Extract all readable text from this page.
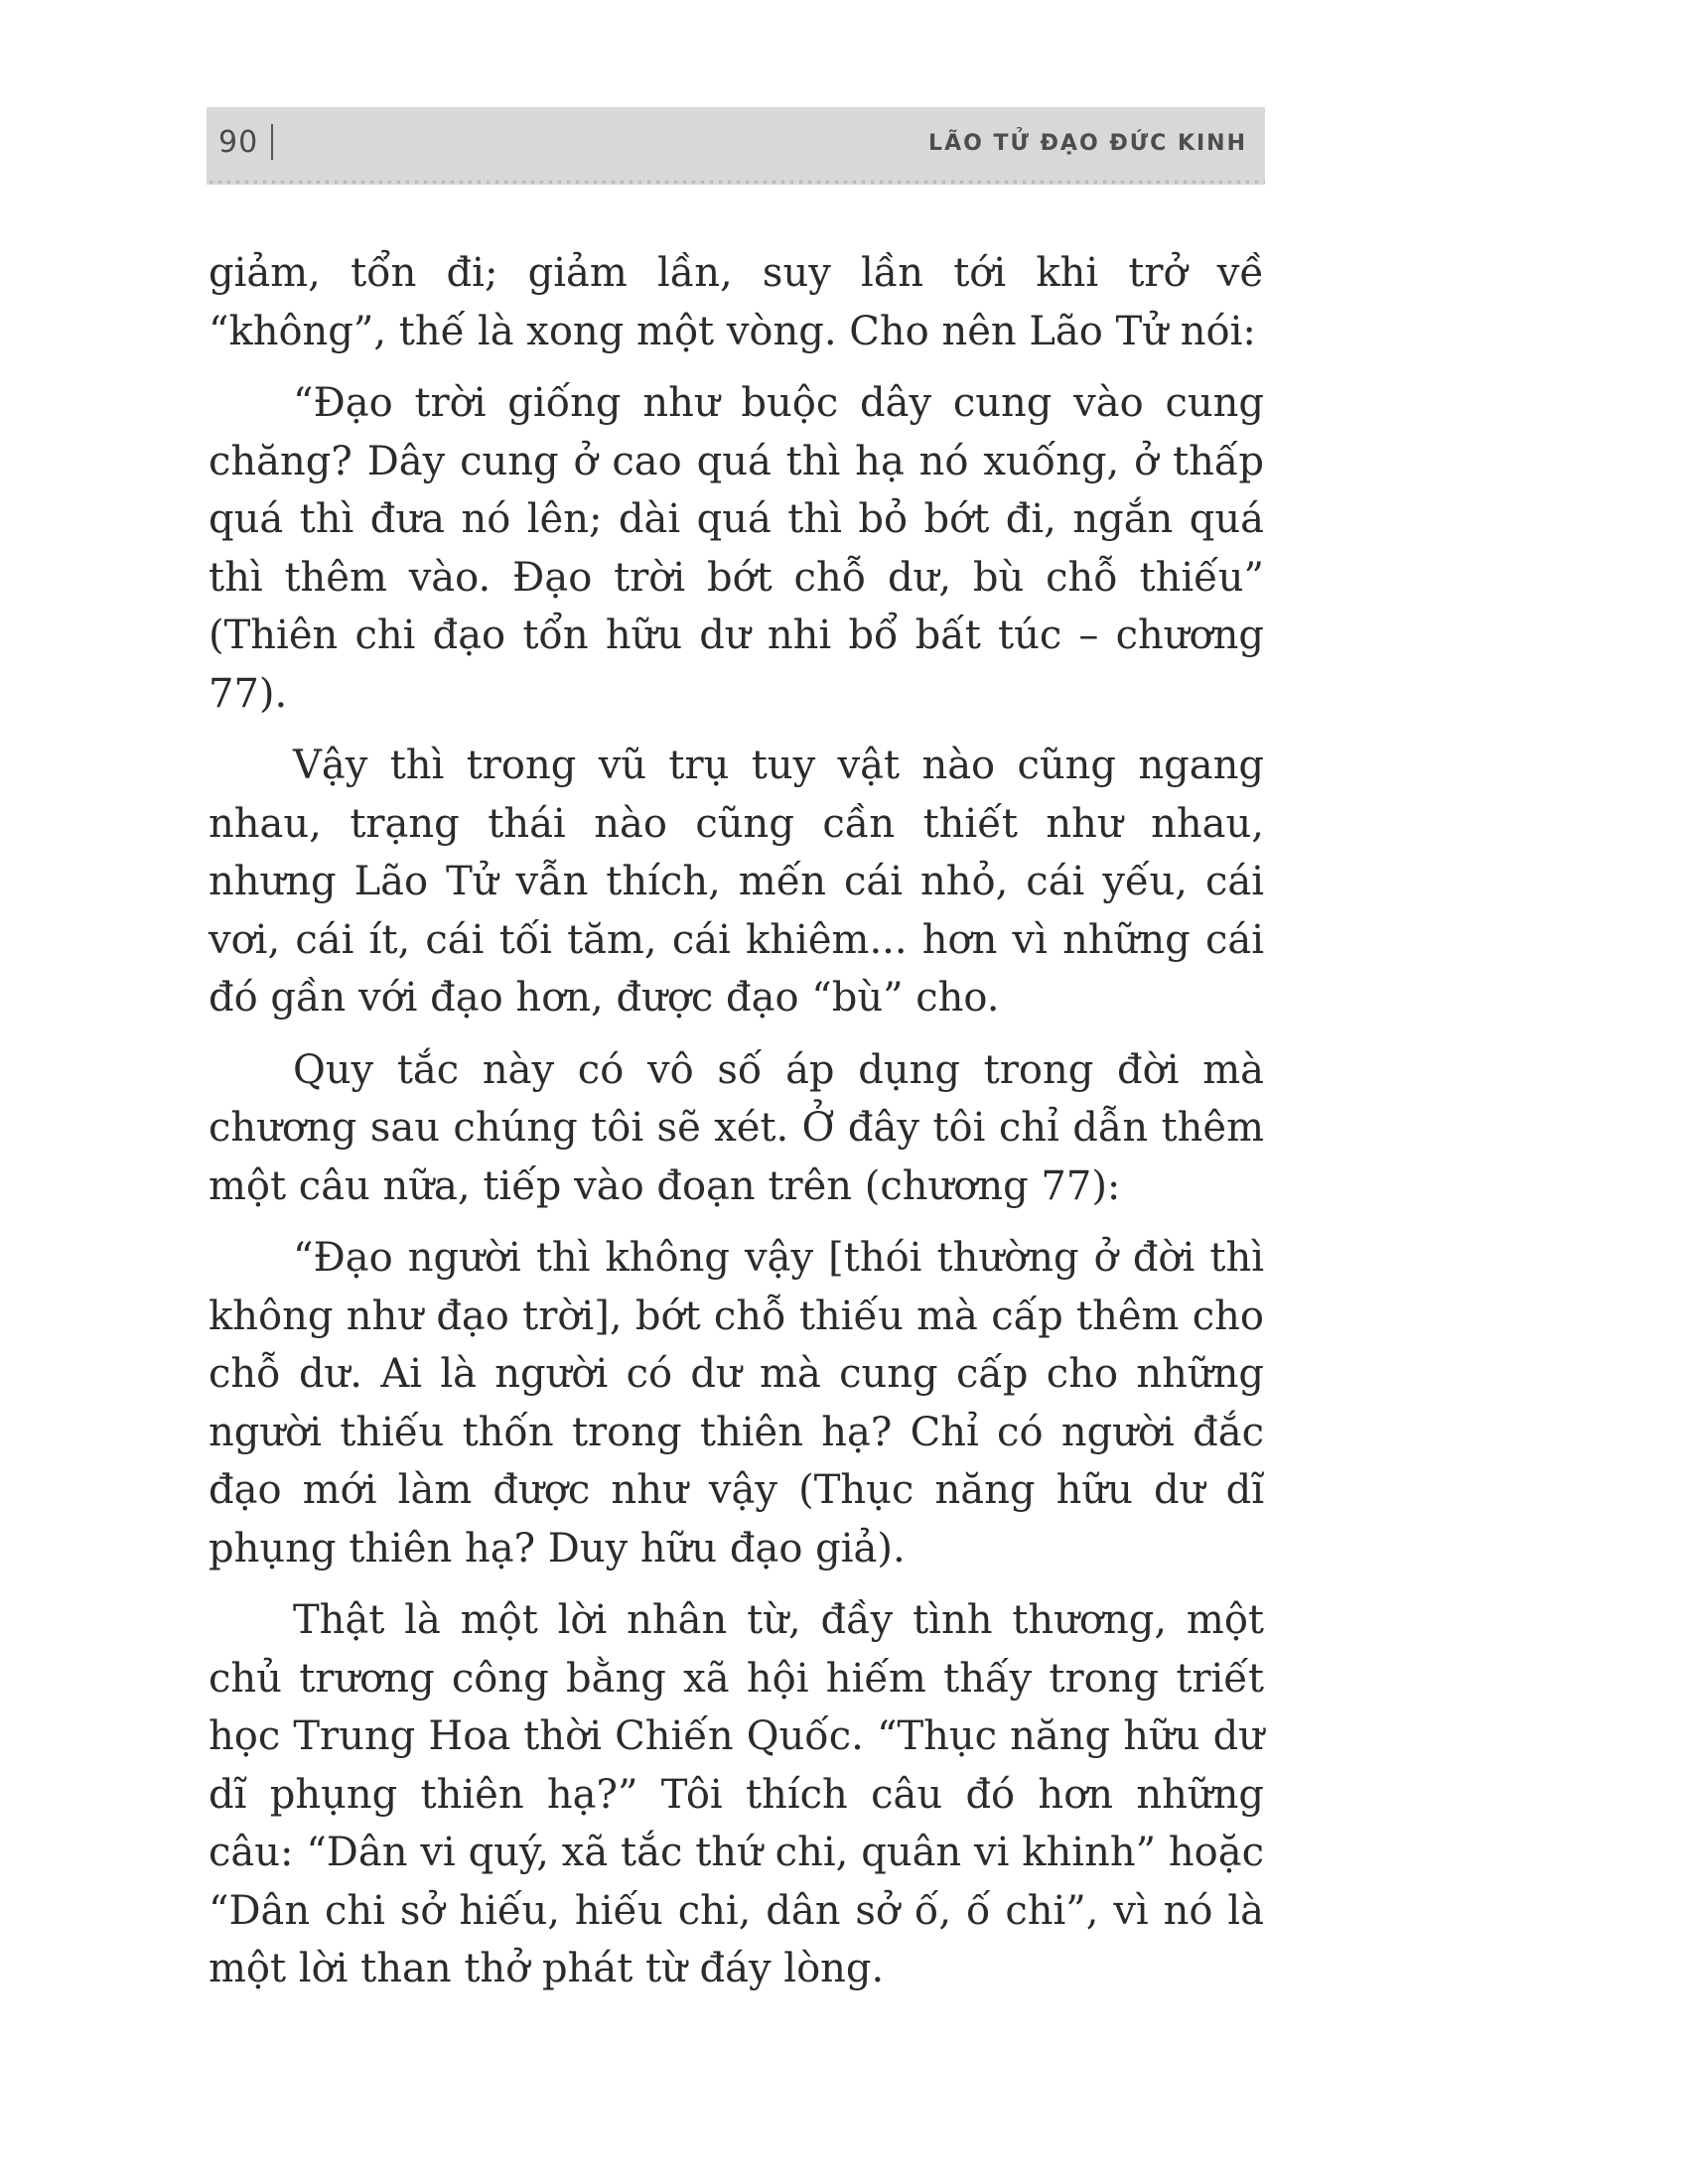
90	LÃO TỬ ĐẠO ĐỨC KINH

giảm, tổn đi; giảm lần, suy lần tới khi trở về “không”, thế là xong một vòng. Cho nên Lão Tử nói:

“Đạo trời giống như buộc dây cung vào cung chăng? Dây cung ở cao quá thì hạ nó xuống, ở thấp quá thì đưa nó lên; dài quá thì bỏ bớt đi, ngắn quá thì thêm vào. Đạo trời bớt chỗ dư, bù chỗ thiếu” (Thiên chi đạo tổn hữu dư nhi bổ bất túc – chương 77).

Vậy thì trong vũ trụ tuy vật nào cũng ngang nhau, trạng thái nào cũng cần thiết như nhau, nhưng Lão Tử vẫn thích, mến cái nhỏ, cái yếu, cái vơi, cái ít, cái tối tăm, cái khiêm... hơn vì những cái đó gần với đạo hơn, được đạo “bù” cho.

Quy tắc này có vô số áp dụng trong đời mà chương sau chúng tôi sẽ xét. Ở đây tôi chỉ dẫn thêm một câu nữa, tiếp vào đoạn trên (chương 77):

“Đạo người thì không vậy [thói thường ở đời thì không như đạo trời], bớt chỗ thiếu mà cấp thêm cho chỗ dư. Ai là người có dư mà cung cấp cho những người thiếu thốn trong thiên hạ? Chỉ có người đắc đạo mới làm được như vậy (Thục năng hữu dư dĩ phụng thiên hạ? Duy hữu đạo giả).

Thật là một lời nhân từ, đầy tình thương, một chủ trương công bằng xã hội hiếm thấy trong triết học Trung Hoa thời Chiến Quốc. “Thục năng hữu dư dĩ phụng thiên hạ?” Tôi thích câu đó hơn những câu: “Dân vi quý, xã tắc thứ chi, quân vi khinh” hoặc “Dân chi sở hiếu, hiếu chi, dân sở ố, ố chi”, vì nó là một lời than thở phát từ đáy lòng.
